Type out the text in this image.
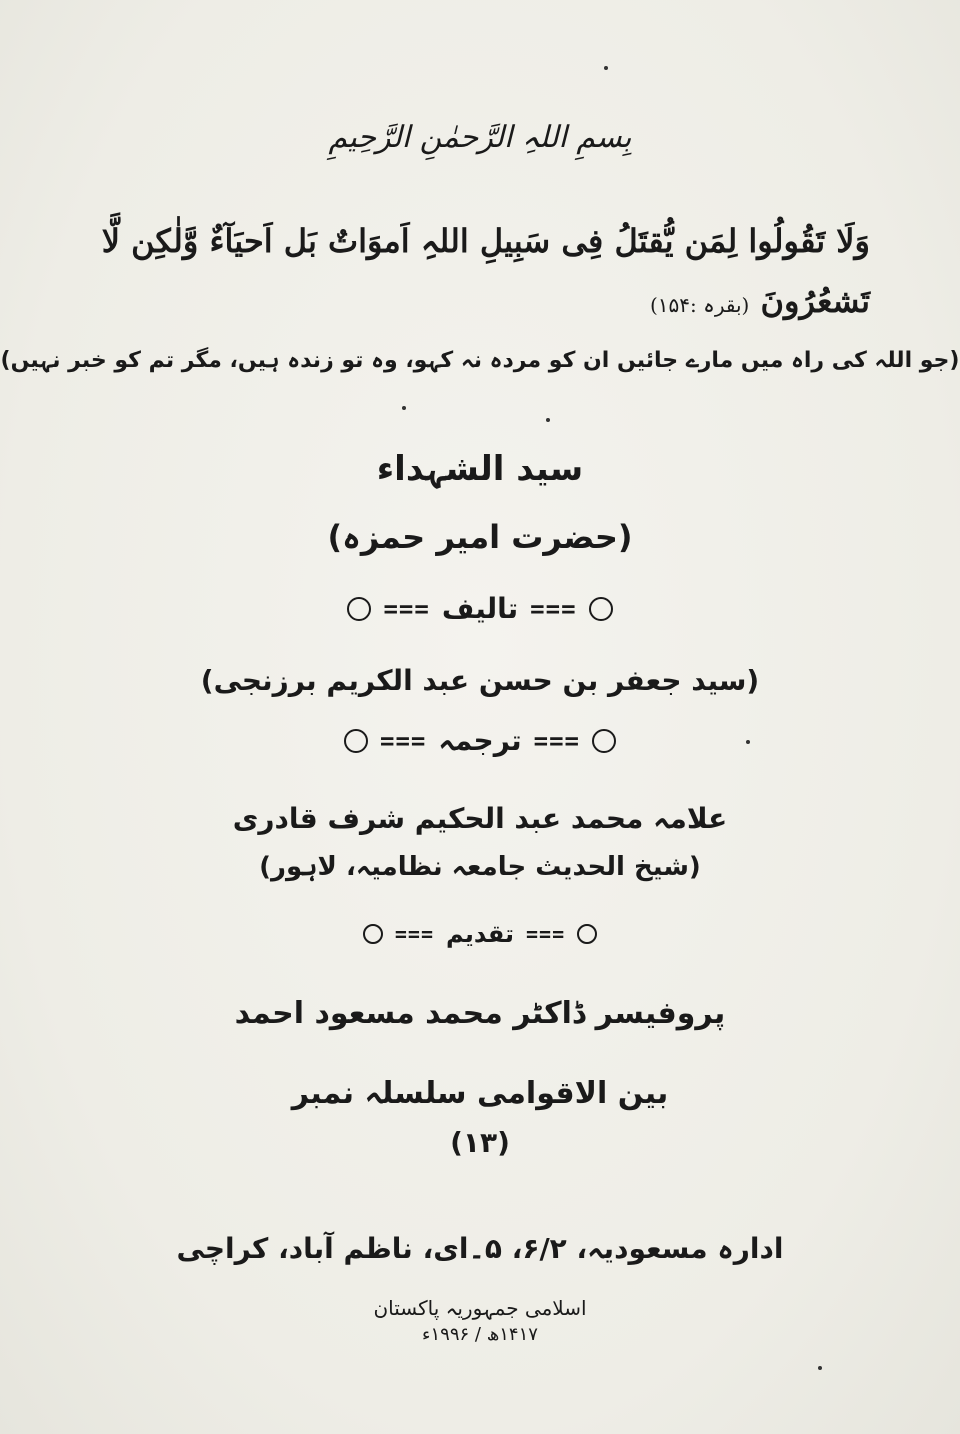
بِسمِ اللہِ الرَّحمٰنِ الرَّحِیمِ
وَلَا تَقُولُوا لِمَن یُّقتَلُ فِی سَبِیلِ اللہِ اَموَاتٌ بَل اَحیَآءٌ وَّلٰکِن لَّا
تَشعُرُونَ (بقرہ :۱۵۴)
(جو اللہ کی راہ میں مارے جائیں ان کو مردہ نہ کہو، وہ تو زندہ ہیں، مگر تم کو خبر نہیں)
سید الشہداء
(حضرت امیر حمزہ)
===
تالیف
===
(سید جعفر بن حسن عبد الکریم برزنجی)
===
ترجمہ
===
علامہ محمد عبد الحکیم شرف قادری
(شیخ الحدیث جامعہ نظامیہ، لاہور)
===
تقدیم
===
پروفیسر ڈاکٹر محمد مسعود احمد
بین الاقوامی سلسلہ نمبر
(۱۳)
ادارہ مسعودیہ، ۶/۲، ۵۔ای، ناظم آباد، کراچی
اسلامی جمہوریہ پاکستان
۱۴۱۷ھ / ۱۹۹۶ء
